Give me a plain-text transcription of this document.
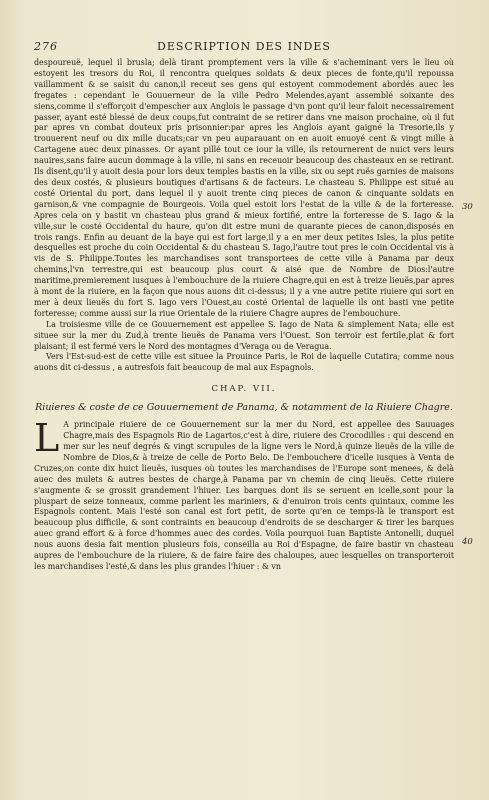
276	DESCRIPTION DES INDES
30
40

despoureuë, lequel il brusla; delà tirant promptement vers la ville & s'acheminant vers le lieu où estoyent les tresors du Roi, il rencontra quelques soldats & deux pieces de fonte,qu'il repoussa vaillamment & se saisit du canon,il receut ses gens qui estoyent commodement abordés auec les fregates : cependant le Gouuerneur de la ville Pedro Melendes,ayant assemblé soixante des siens,comme il s'efforçoit d'empescher aux Anglois le passage d'vn pont qu'il leur faloit necessairement passer, ayant esté blessé de deux coups,fut contraint de se retirer dans vne maison prochaine, où il fut par apres vn combat douteux pris prisonnier:par apres les Anglois ayant gaigné la Tresorie,ils y trouuerent neuf ou dix mille ducats;car vn peu auparauant on en auoit enuoyé cent & vingt mille à Cartagene auec deux pinasses. Or ayant pillé tout ce iour la ville, ils retournerent de nuict vers leurs nauires,sans faire aucun dommage à la ville, ni sans en receuoir beaucoup des chasteaux en se retirant. Ils disent,qu'il y auoit desia pour lors deux temples bastis en la ville, six ou sept ruës garnies de maisons des deux costés, & plusieurs boutiques d'artisans & de facteurs. Le chasteau S. Philippe est situé au costé Oriental du port, dans lequel il y auoit trente cinq pieces de canon & cinquante soldats en garnison,& vne compagnie de Bourgeois. Voila quel estoit lors l'estat de la ville & de la forteresse. Apres cela on y bastit vn chasteau plus grand & mieux fortifié, entre la forteresse de S. Iago & la ville,sur le costé Occidental du haure, qu'on dit estre muni de quarante pieces de canon,disposés en trois rangs. Enfin au deuant de la baye qui est fort large,il y a en mer deux petites Isles, la plus petite desquelles est proche du coin Occidental & du chasteau S. Iago,l'autre tout pres le coin Occidental vis à vis de S. Philippe.Toutes les marchandises sont transportees de cette ville à Panama par deux chemins,l'vn terrestre,qui est beaucoup plus court & aisé que de Nombre de Dios:l'autre maritime,premierement iusques à l'embouchure de la riuiere Chagre,qui en est à treize lieuës,par apres à mont de la riuiere, en la façon que nous auons dit ci-dessus; il y a vne autre petite riuiere qui sort en mer à deux lieuës du fort S. Iago vers l'Ouest,au costé Oriental de laquelle ils ont basti vne petite forteresse; comme aussi sur la riue Orientale de la riuiere Chagre aupres de l'embouchure.

La troisiesme ville de ce Gouuernement est appellee S. Iago de Nata & simplement Nata; elle est situee sur la mer du Zud,à trente lieuës de Panama vers l'Ouest. Son terroir est fertile,plat & fort plaisant; il est fermé vers le Nord des montagnes d'Veraga ou de Veragua.

Vers l'Est-sud-est de cette ville est situee la Prouince Paris, le Roi de laquelle Cutatira; comme nous auons dit ci-dessus , a autresfois fait beaucoup de mal aux Espagnols.

CHAP. VII.
Riuieres & coste de ce Gouuernement de Panama, & notamment de la Riuiere Chagre.

L A principale riuiere de ce Gouuernement sur la mer du Nord, est appellee des Sauuages Chagre,mais des Espagnols Rio de Lagartos,c'est à dire, riuiere des Crocodilles : qui descend en mer sur les neuf degrés & vingt scrupules de la ligne vers le Nord,à quinze lieuës de la ville de Nombre de Dios,& à treize de celle de Porto Belo. De l'embouchere d'icelle iusques à Venta de Cruzes,on conte dix huict lieuës, iusques où toutes les marchandises de l'Europe sont menees, & delà auec des mulets & autres bestes de charge,à Panama par vn chemin de cinq lieuës. Cette riuiere s'augmente & se grossit grandement l'hiuer. Les barques dont ils se seruent en icelle,sont pour la pluspart de seize tonneaux, comme parlent les mariniers, & d'enuiron trois cents quintaux, comme les Espagnols content. Mais l'esté son canal est fort petit, de sorte qu'en ce temps-là le transport est beaucoup plus difficile, & sont contraints en beaucoup d'endroits de se descharger & tirer les barques auec grand effort & à force d'hommes auec des cordes. Voila pourquoi Iuan Baptiste Antonelli, duquel nous auons desia fait mention plusieurs fois, conseilla au Roi d'Espagne, de faire bastir vn chasteau aupres de l'embouchure de la riuiere, & de faire faire des chaloupes, auec lesquelles on transporteroit les marchandises l'esté,& dans les plus grandes l'hiuer : & vn
